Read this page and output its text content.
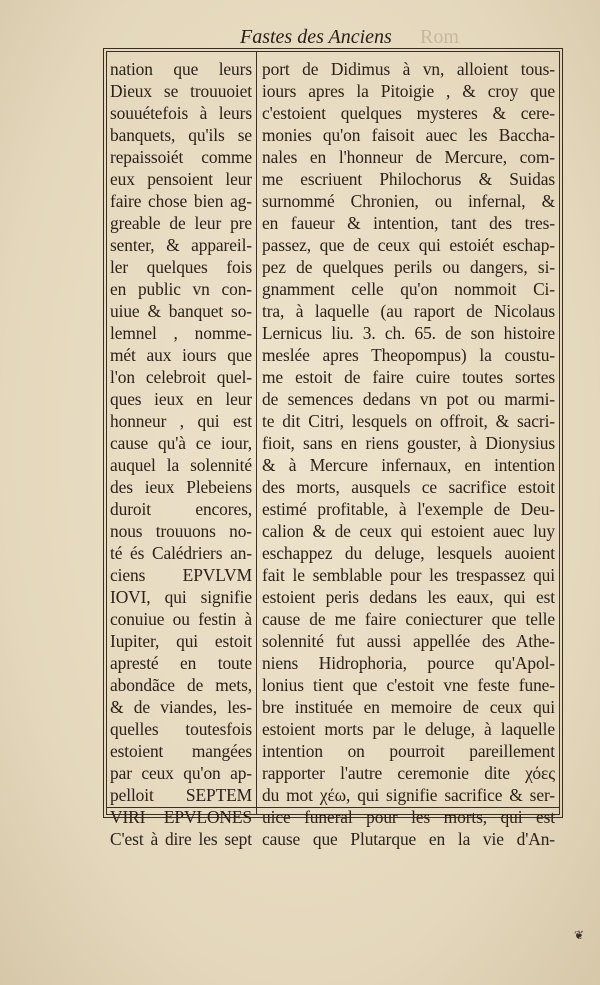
Fastes des Anciens Rom
nation que leurs
Dieux se trouuoiet
souuétefois à leurs
banquets, qu'ils se
repaissoiét comme
eux pensoient leur
faire chose bien ag-
greable de leur pre
senter, & appareil-
ler quelques fois
en public vn con-
uiue & banquet so-
lemnel , nomme-
mét aux iours que
l'on celebroit quel-
ques ieux en leur
honneur , qui est
cause qu'à ce iour,
auquel la solennité
des ieux Plebeiens
duroit encores,
nous trouuons no-
té és Calédriers an-
ciens EPVLVM
IOVI, qui signifie
conuiue ou festin à
Iupiter, qui estoit
apresté en toute
abondãce de mets,
& de viandes, les-
quelles toutesfois
estoient mangées
par ceux qu'on ap-
pelloit SEPTEM
VIRI EPVLONES
C'est à dire les sept
port de Didimus à vn, alloient tous-
iours apres la Pitoigie , & croy que
c'estoient quelques mysteres & cere-
monies qu'on faisoit auec les Baccha-
nales en l'honneur de Mercure, com-
me escriuent Philochorus & Suidas
surnommé Chronien, ou infernal, &
en faueur & intention, tant des tres-
passez, que de ceux qui estoiét eschap-
pez de quelques perils ou dangers, si-
gnamment celle qu'on nommoit Ci-
tra, à laquelle (au raport de Nicolaus
Lernicus liu. 3. ch. 65. de son histoire
meslée apres Theopompus) la coustu-
me estoit de faire cuire toutes sortes
de semences dedans vn pot ou marmi-
te dit Citri, lesquels on offroit, & sacri-
fioit, sans en riens gouster, à Dionysius
& à Mercure infernaux, en intention
des morts, ausquels ce sacrifice estoit
estimé profitable, à l'exemple de Deu-
calion & de ceux qui estoient auec luy
eschappez du deluge, lesquels auoient
fait le semblable pour les trespassez qui
estoient peris dedans les eaux, qui est
cause de me faire coniecturer que telle
solennité fut aussi appellée des Athe-
niens Hidrophoria, pource qu'Apol-
lonius tient que c'estoit vne feste fune-
bre instituée en memoire de ceux qui
estoient morts par le deluge, à laquelle
intention on pourroit pareillement
rapporter l'autre ceremonie dite χόες
du mot χέω, qui signifie sacrifice & ser-
uice funeral pour les morts, qui est
cause que Plutarque en la vie d'An-
❦
